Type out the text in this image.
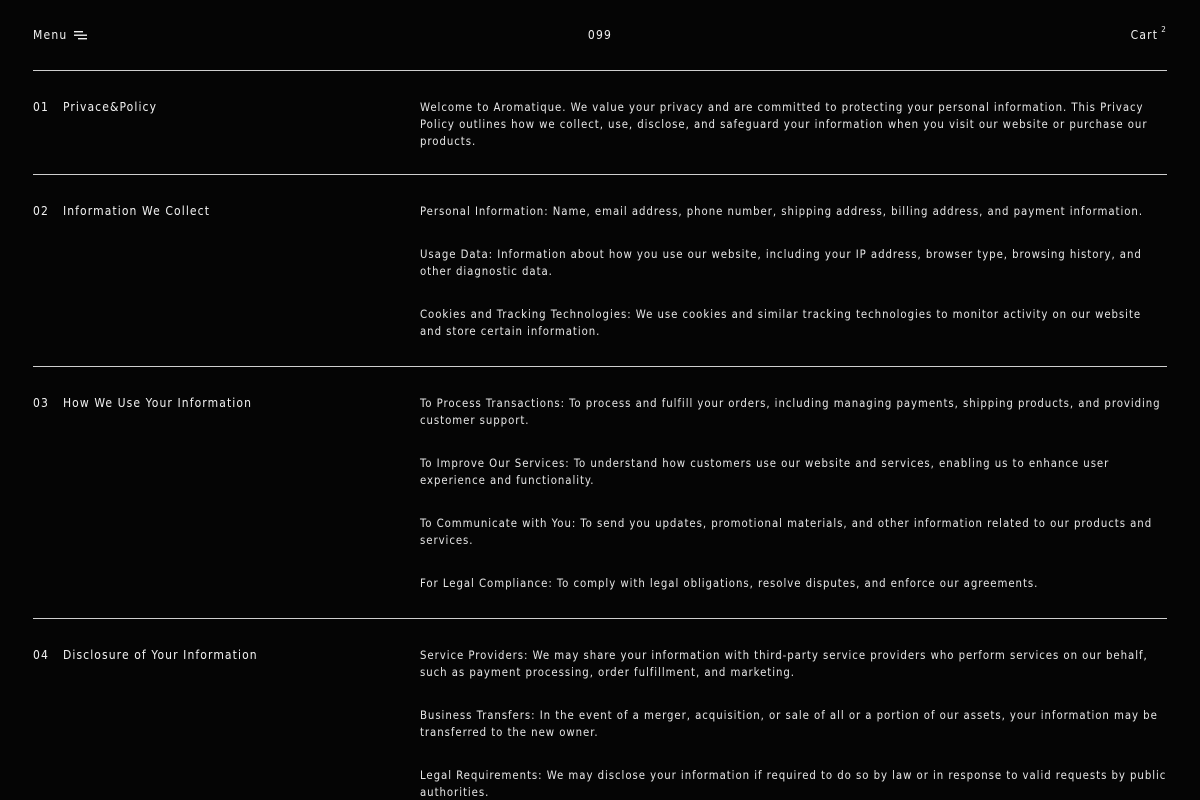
Menu	099	Cart 2
01 Privace&Policy	Welcome to Aromatique. We value your privacy and are committed to protecting your personal information. This Privacy Policy outlines how we collect, use, disclose, and safeguard your information when you visit our website or purchase our products.

02 Information We Collect	Personal Information: Name, email address, phone number, shipping address, billing address, and payment information.

Usage Data: Information about how you use our website, including your IP address, browser type, browsing history, and other diagnostic data.

Cookies and Tracking Technologies: We use cookies and similar tracking technologies to monitor activity on our website and store certain information.

03 How We Use Your Information	To Process Transactions: To process and fulfill your orders, including managing payments, shipping products, and providing customer support.

To Improve Our Services: To understand how customers use our website and services, enabling us to enhance user experience and functionality.

To Communicate with You: To send you updates, promotional materials, and other information related to our products and services.

For Legal Compliance: To comply with legal obligations, resolve disputes, and enforce our agreements.

04 Disclosure of Your Information	Service Providers: We may share your information with third-party service providers who perform services on our behalf, such as payment processing, order fulfillment, and marketing.

Business Transfers: In the event of a merger, acquisition, or sale of all or a portion of our assets, your information may be transferred to the new owner.

Legal Requirements: We may disclose your information if required to do so by law or in response to valid requests by public authorities.
